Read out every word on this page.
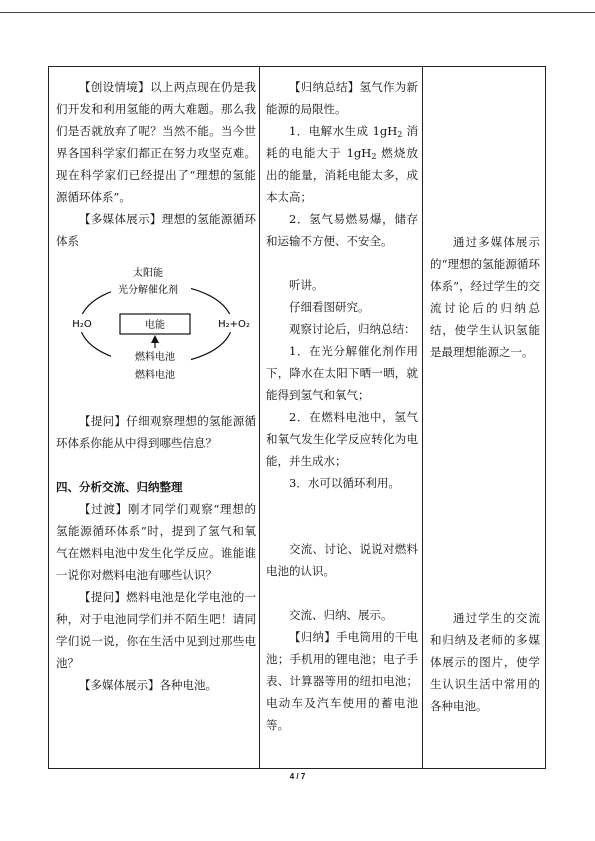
【创设情境】以上两点现在仍是我们开发和利用氢能的两大难题。那么我们是否就放弃了呢？当然不能。当今世界各国科学家们都正在努力攻坚克难。现在科学家们已经提出了“理想的氢能源循环体系”。

【多媒体展示】理想的氢能源循环体系

太阳能
光分解催化剂
H₂O	电能	H₂+O₂
燃料电池
燃料电池

【提问】仔细观察理想的氢能源循环体系你能从中得到哪些信息？

四、分析交流、归纳整理

【过渡】刚才同学们观察“理想的氢能源循环体系”时，提到了氢气和氧气在燃料电池中发生化学反应。谁能谁一说你对燃料电池有哪些认识？

【提问】燃料电池是化学电池的一种，对于电池同学们并不陌生吧！请同学们说一说，你在生活中见到过那些电池？

【多媒体展示】各种电池。

【归纳总结】氢气作为新能源的局限性。

1．电解水生成 $1gH_2$ 消耗的电能大于 $1gH_2$ 燃烧放出的能量，消耗电能太多，成本太高；

2．氢气易燃易爆，储存和运输不方便、不安全。

听讲。

仔细看图研究。

观察讨论后，归纳总结：

1．在光分解催化剂作用下，降水在太阳下晒一晒，就能得到氢气和氧气；

2．在燃料电池中，氢气和氧气发生化学反应转化为电能，并生成水；

3．水可以循环利用。

交流、讨论、说说对燃料电池的认识。

交流、归纳、展示。

【归纳】手电筒用的干电池；手机用的锂电池；电子手表、计算器等用的纽扣电池；电动车及汽车使用的蓄电池等。

通过多媒体展示的“理想的氢能源循环体系”，经过学生的交流讨论后的归纳总结，使学生认识氢能是最理想能源之一。

通过学生的交流和归纳及老师的多媒体展示的图片，使学生认识生活中常用的各种电池。

4 / 7
